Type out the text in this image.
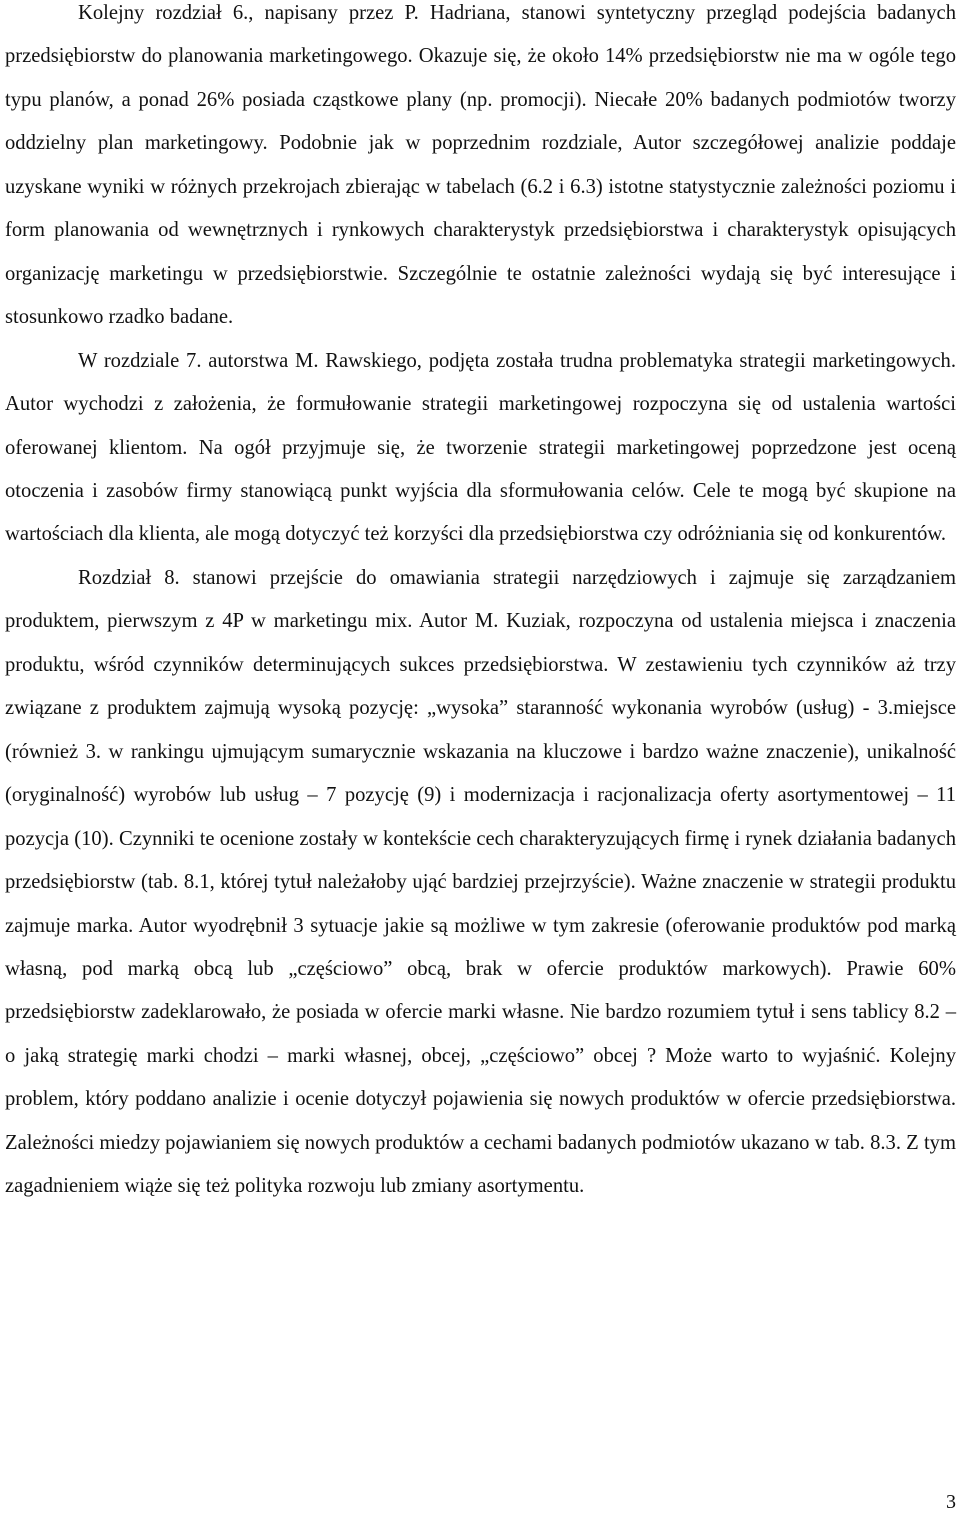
Kolejny rozdział 6., napisany przez P. Hadriana, stanowi syntetyczny przegląd podejścia badanych przedsiębiorstw do planowania marketingowego. Okazuje się, że około 14% przedsiębiorstw nie ma w ogóle tego typu planów, a ponad 26% posiada cząstkowe plany (np. promocji). Niecałe 20% badanych podmiotów tworzy oddzielny plan marketingowy. Podobnie jak w poprzednim rozdziale, Autor szczegółowej analizie poddaje uzyskane wyniki w różnych przekrojach zbierając w tabelach (6.2 i 6.3) istotne statystycznie zależności poziomu i form planowania od wewnętrznych i rynkowych charakterystyk przedsiębiorstwa i charakterystyk opisujących organizację marketingu w przedsiębiorstwie. Szczególnie te ostatnie zależności wydają się być interesujące i stosunkowo rzadko badane.

W rozdziale 7. autorstwa M. Rawskiego, podjęta została trudna problematyka strategii marketingowych. Autor wychodzi z założenia, że formułowanie strategii marketingowej rozpoczyna się od ustalenia wartości oferowanej klientom. Na ogół przyjmuje się, że tworzenie strategii marketingowej poprzedzone jest oceną otoczenia i zasobów firmy stanowiącą punkt wyjścia dla sformułowania celów. Cele te mogą być skupione na wartościach dla klienta, ale mogą dotyczyć też korzyści dla przedsiębiorstwa czy odróżniania się od konkurentów.

Rozdział 8. stanowi przejście do omawiania strategii narzędziowych i zajmuje się zarządzaniem produktem, pierwszym z 4P w marketingu mix. Autor M. Kuziak, rozpoczyna od ustalenia miejsca i znaczenia produktu, wśród czynników determinujących sukces przedsiębiorstwa. W zestawieniu tych czynników aż trzy związane z produktem zajmują wysoką pozycję: „wysoka” staranność wykonania wyrobów (usług) - 3.miejsce (również 3. w rankingu ujmującym sumarycznie wskazania na kluczowe i bardzo ważne znaczenie), unikalność (oryginalność) wyrobów lub usług – 7 pozycję (9) i modernizacja i racjonalizacja oferty asortymentowej – 11 pozycja (10). Czynniki te ocenione zostały w kontekście cech charakteryzujących firmę i rynek działania badanych przedsiębiorstw (tab. 8.1, której tytuł należałoby ująć bardziej przejrzyście). Ważne znaczenie w strategii produktu zajmuje marka. Autor wyodrębnił 3 sytuacje jakie są możliwe w tym zakresie (oferowanie produktów pod marką własną, pod marką obcą lub „częściowo” obcą, brak w ofercie produktów markowych). Prawie 60% przedsiębiorstw zadeklarowało, że posiada w ofercie marki własne. Nie bardzo rozumiem tytuł i sens tablicy 8.2 – o jaką strategię marki chodzi – marki własnej, obcej, „częściowo” obcej ? Może warto to wyjaśnić. Kolejny problem, który poddano analizie i ocenie dotyczył pojawienia się nowych produktów w ofercie przedsiębiorstwa. Zależności miedzy pojawianiem się nowych produktów a cechami badanych podmiotów ukazano w tab. 8.3. Z tym zagadnieniem wiąże się też polityka rozwoju lub zmiany asortymentu.

3
